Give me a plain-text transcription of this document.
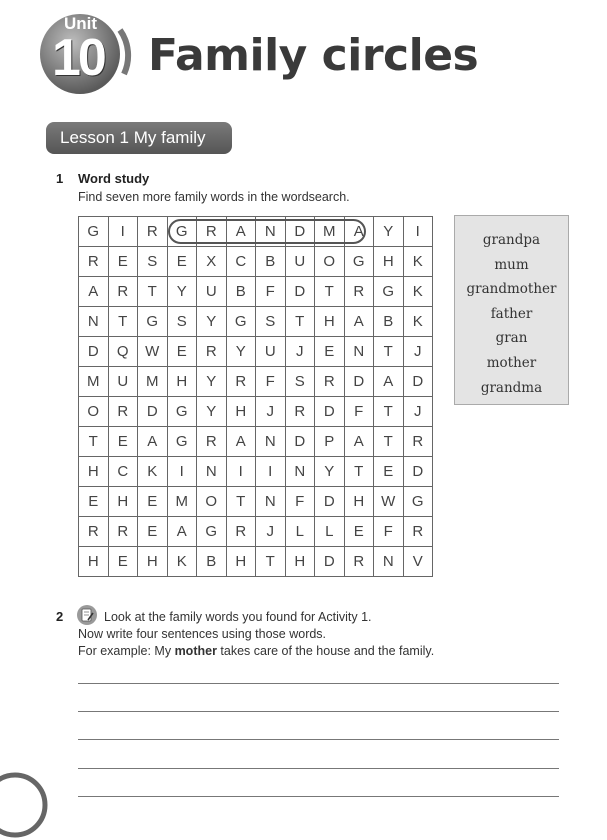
Unit
10 Family circles
Lesson 1 My family
1 Word study
Find seven more family words in the wordsearch.
G	I	R	G	R	A	N	D	M	A	Y	I
R	E	S	E	X	C	B	U	O	G	H	K
A	R	T	Y	U	B	F	D	T	R	G	K
N	T	G	S	Y	G	S	T	H	A	B	K
D	Q	W	E	R	Y	U	J	E	N	T	J
M	U	M	H	Y	R	F	S	R	D	A	D
O	R	D	G	Y	H	J	R	D	F	T	J
T	E	A	G	R	A	N	D	P	A	T	R
H	C	K	I	N	I	I	N	Y	T	E	D
E	H	E	M	O	T	N	F	D	H	W	G
R	R	E	A	G	R	J	L	L	E	F	R
H	E	H	K	B	H	T	H	D	R	N	V
grandpa
mum
grandmother
father
gran
mother
grandma
2	Look at the family words you found for Activity 1.
Now write four sentences using those words.
For example: My mother takes care of the house and the family.
